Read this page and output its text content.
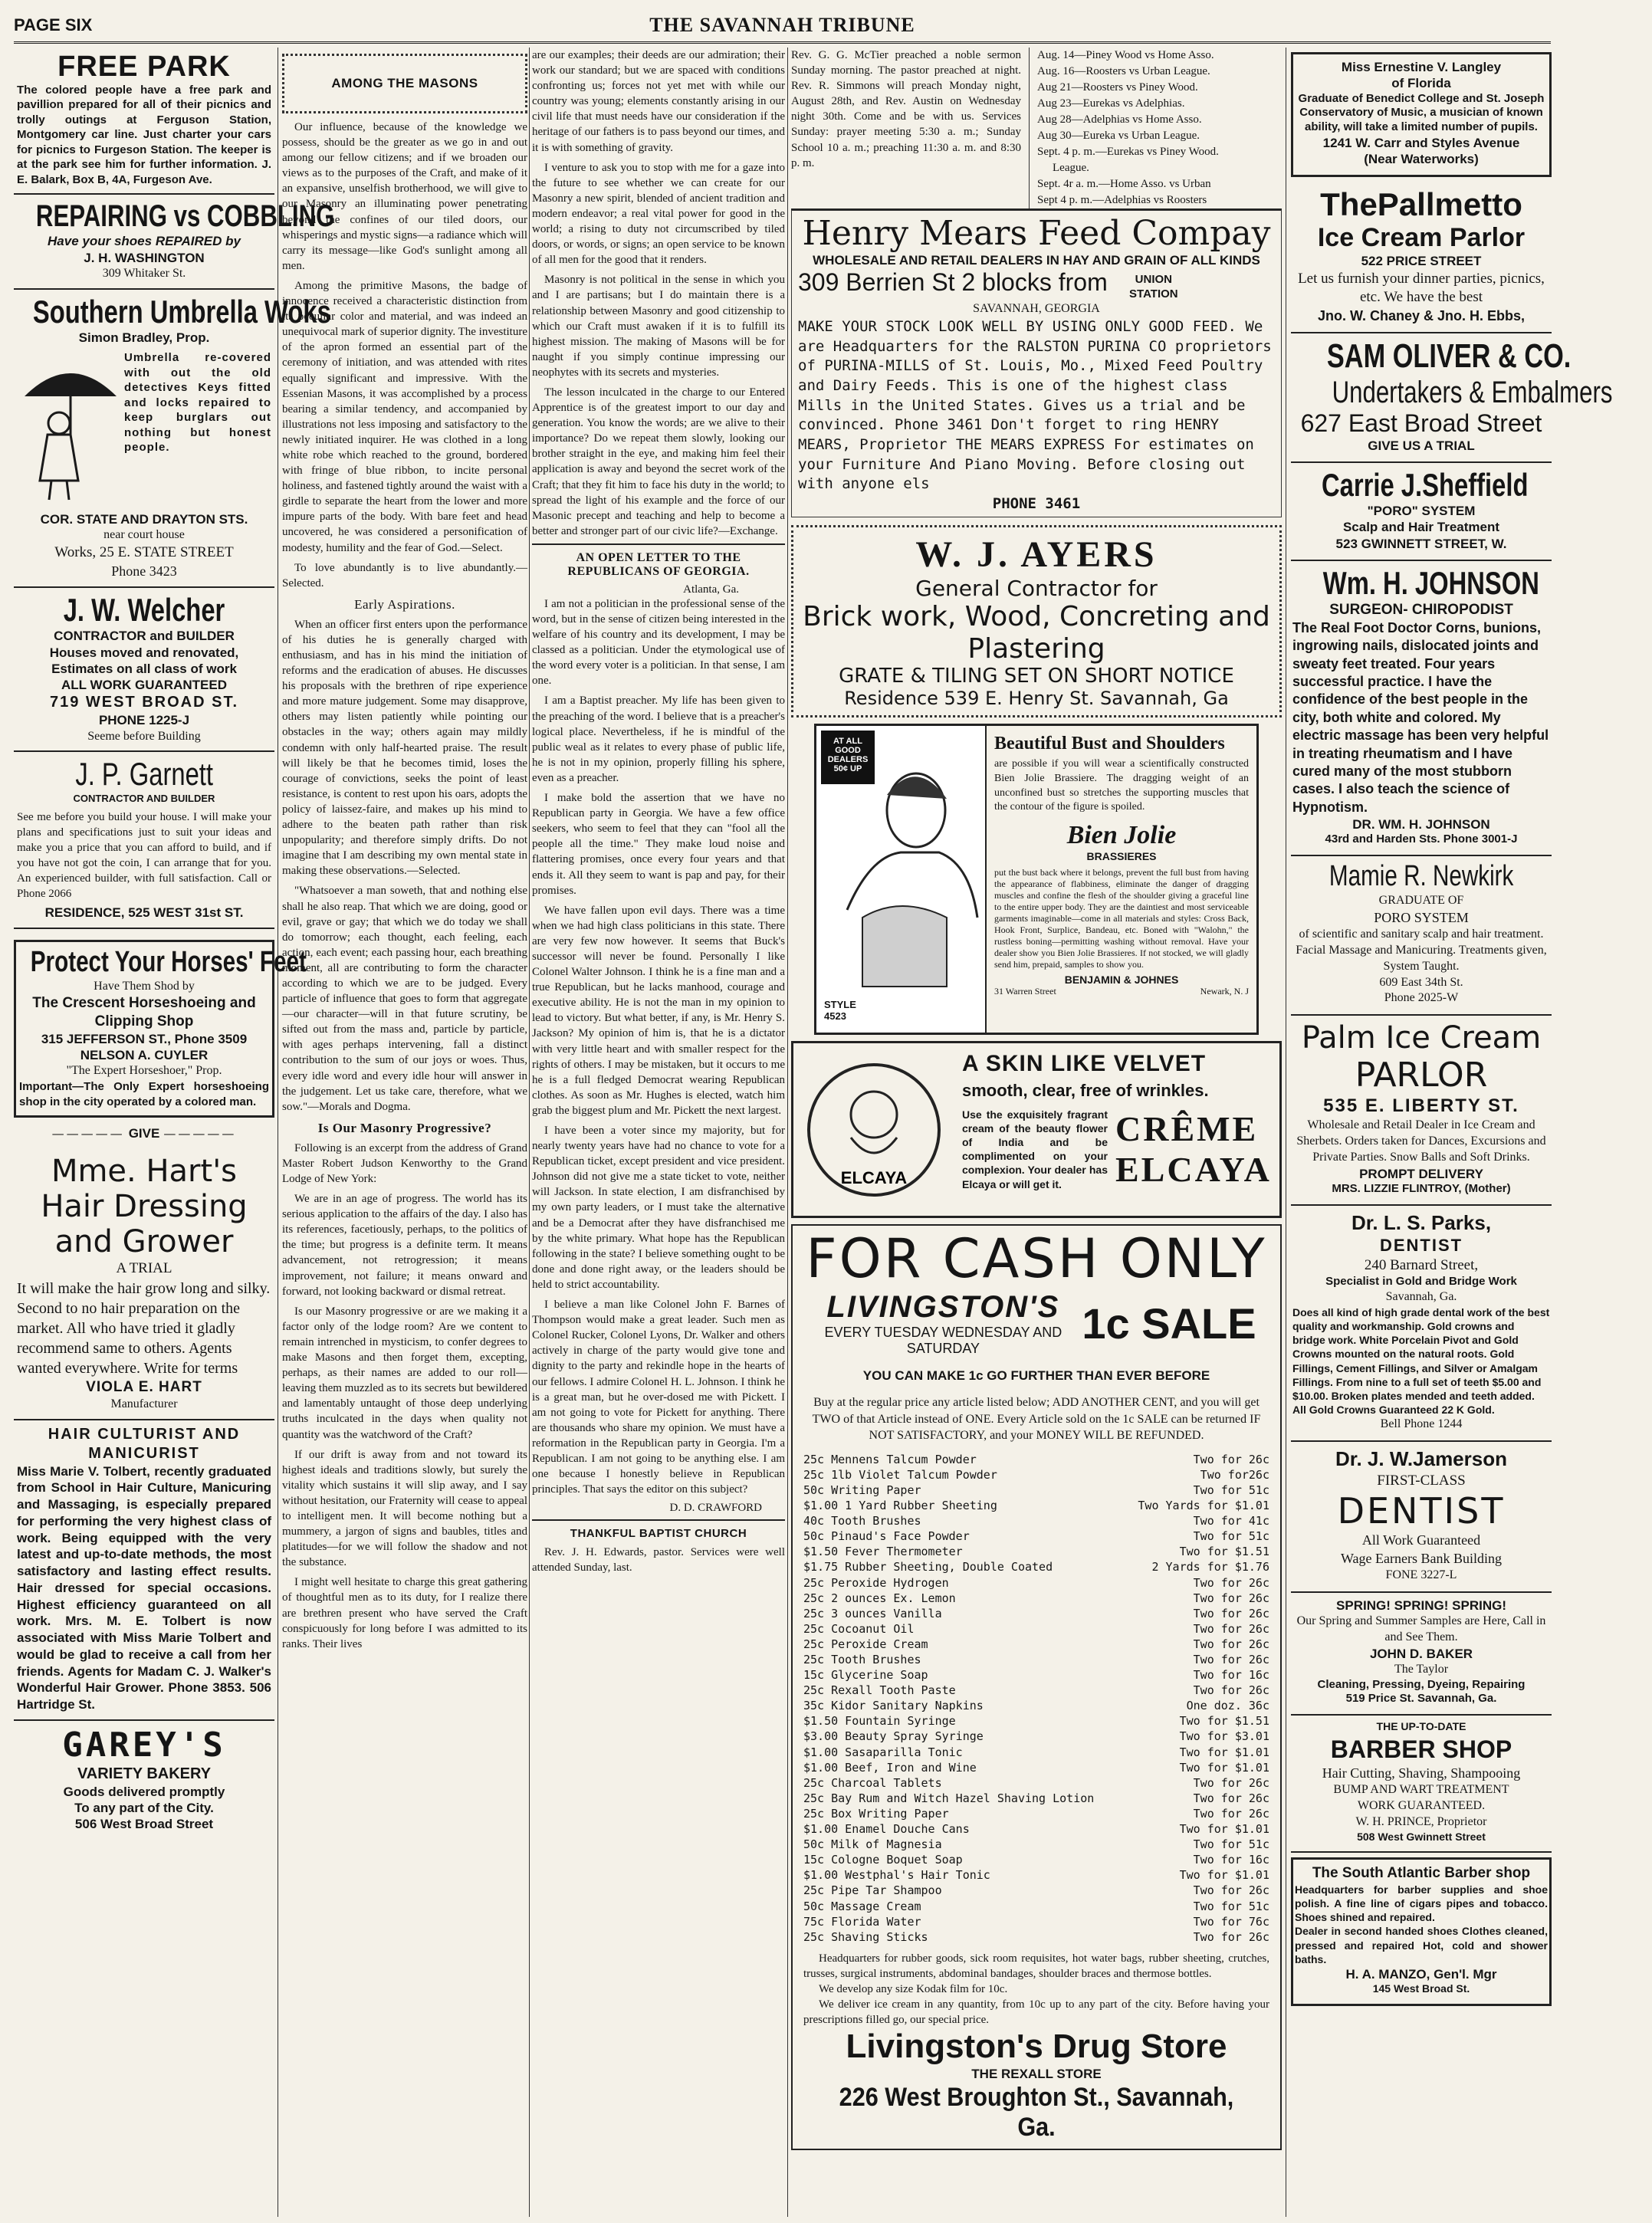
PAGE SIX	THE SAVANNAH TRIBUNE
FREE PARK
The colored people have a free park and pavillion prepared for all of their picnics and trolly outings at Ferguson Station, Montgomery car line. Just charter your cars for picnics to Furgeson Station. The keeper is at the park see him for further information. J. E. Balark, Box B, 4A, Furgeson Ave.
REPAIRING vs COBBLING
Have your shoes REPAIRED by
J. H. WASHINGTON
309 Whitaker St.
Southern Umbrella Woks
Simon Bradley, Prop.
Umbrella re-covered with out the old detectives Keys fitted and locks repaired to keep burglars out nothing but honest people.
COR. STATE AND DRAYTON STS.
near court house
Works, 25 E. STATE STREET
Phone 3423
J. W. Welcher
CONTRACTOR and BUILDER
Houses moved and renovated,
Estimates on all class of work
ALL WORK GUARANTEED
719 WEST BROAD ST.
PHONE 1225-J
Seeme before Building
J. P. Garnett
CONTRACTOR AND BUILDER
See me before you build your house. I will make your plans and specifications just to suit your ideas and make you a price that you can afford to build, and if you have not got the coin, I can arrange that for you. An experienced builder, with full satisfaction. Call or Phone 2066
RESIDENCE, 525 WEST 31st ST.
Protect Your Horses' Feet
Have Them Shod by
The Crescent Horseshoeing and Clipping Shop
315 JEFFERSON ST., Phone 3509
NELSON A. CUYLER
"The Expert Horseshoer," Prop.
Important—The Only Expert horseshoeing shop in the city operated by a colored man.
————— GIVE —————
Mme. Hart's Hair Dressing and Grower
A TRIAL
It will make the hair grow long and silky. Second to no hair preparation on the market. All who have tried it gladly recommend same to others. Agents wanted everywhere. Write for terms
VIOLA E. HART
Manufacturer
HAIR CULTURIST AND MANICURIST
Miss Marie V. Tolbert, recently graduated from School in Hair Culture, Manicuring and Massaging, is especially prepared for performing the very highest class of work. Being equipped with the very latest and up-to-date methods, the most satisfactory and lasting effect results. Hair dressed for special occasions. Highest efficiency guaranteed on all work. Mrs. M. E. Tolbert is now associated with Miss Marie Tolbert and would be glad to receive a call from her friends. Agents for Madam C. J. Walker's Wonderful Hair Grower. Phone 3853. 506 Hartridge St.
GAREY'S
VARIETY BAKERY
Goods delivered promptly
To any part of the City.
506 West Broad Street
AMONG THE MASONS

Our influence, because of the knowledge we possess, should be the greater as we go in and out among our fellow citizens; and if we broaden our views as to the purposes of the Craft, and make of it an expansive, unselfish brotherhood, we will give to our Masonry an illuminating power penetrating beyond the confines of our tiled doors, our whisperings and mystic signs—a radiance which will carry its message—like God's sunlight among all men.

Among the primitive Masons, the badge of innocence received a characteristic distinction from its peculiar color and material, and was indeed an unequivocal mark of superior dignity. The investiture of the apron formed an essential part of the ceremony of initiation, and was attended with rites equally significant and impressive. With the Essenian Masons, it was accomplished by a process bearing a similar tendency, and accompanied by illustrations not less imposing and satisfactory to the newly initiated inquirer. He was clothed in a long white robe which reached to the ground, bordered with fringe of blue ribbon, to incite personal holiness, and fastened tightly around the waist with a girdle to separate the heart from the lower and more impure parts of the body. With bare feet and head uncovered, he was considered a personification of modesty, humility and the fear of God.—Select.

To love abundantly is to live abundantly.—Selected.

Early Aspirations.

When an officer first enters upon the performance of his duties he is generally charged with enthusiasm, and has in his mind the initiation of reforms and the eradication of abuses. He discusses his proposals with the brethren of ripe experience and more mature judgement. Some may disapprove, others may listen patiently while pointing our obstacles in the way; others again may mildly condemn with only half-hearted praise. The result will likely be that he becomes timid, loses the courage of convictions, seeks the point of least resistance, is content to rest upon his oars, adopts the policy of laissez-faire, and makes up his mind to adhere to the beaten path rather than risk unpopularity; and therefore simply drifts. Do not imagine that I am describing my own mental state in making these observations.—Selected.

"Whatsoever a man soweth, that and nothing else shall he also reap. That which we are doing, good or evil, grave or gay; that which we do today we shall do tomorrow; each thought, each feeling, each action, each event; each passing hour, each breathing moment, all are contributing to form the character according to which we are to be judged. Every particle of influence that goes to form that aggregate—our character—will in that future scrutiny, be sifted out from the mass and, particle by particle, with ages perhaps intervening, fall a distinct contribution to the sum of our joys or woes. Thus, every idle word and every idle hour will answer in the judgement. Let us take care, therefore, what we sow."—Morals and Dogma.

Is Our Masonry Progressive?

Following is an excerpt from the address of Grand Master Robert Judson Kenworthy to the Grand Lodge of New York:

We are in an age of progress. The world has its serious application to the affairs of the day. I also has its references, facetiously, perhaps, to the politics of the time; but progress is a definite term. It means advancement, not retrogression; it means improvement, not failure; it means onward and forward, not looking backward or dismal retreat.

Is our Masonry progressive or are we making it a factor only of the lodge room? Are we content to remain intrenched in mysticism, to confer degrees to make Masons and then forget them, excepting, perhaps, as their names are added to our roll—leaving them muzzled as to its secrets but bewildered and lamentably untaught of those deep underlying truths inculcated in the days when quality not quantity was the watchword of the Craft?

If our drift is away from and not toward its highest ideals and traditions slowly, but surely the vitality which sustains it will slip away, and I say without hesitation, our Fraternity will cease to appeal to intelligent men. It will become nothing but a mummery, a jargon of signs and baubles, titles and platitudes—for we will follow the shadow and not the substance.

I might well hesitate to charge this great gathering of thoughtful men as to its duty, for I realize there are brethren present who have served the Craft conspicuously for long before I was admitted to its ranks. Their lives

are our examples; their deeds are our admiration; their work our standard; but we are spaced with conditions confronting us; forces not yet met with while our country was young; elements constantly arising in our civil life that must needs have our consideration if the heritage of our fathers is to pass beyond our times, and it is with something of gravity.

I venture to ask you to stop with me for a gaze into the future to see whether we can create for our Masonry a new spirit, blended of ancient tradition and modern endeavor; a real vital power for good in the world; a rising to duty not circumscribed by tiled doors, or words, or signs; an open service to be known of all men for the good that it renders.

Masonry is not political in the sense in which you and I are partisans; but I do maintain there is a relationship between Masonry and good citizenship to which our Craft must awaken if it is to fulfill its highest mission. The making of Masons will be for naught if you simply continue impressing our neophytes with its secrets and mysteries.

The lesson inculcated in the charge to our Entered Apprentice is of the greatest import to our day and generation. You know the words; are we alive to their importance? Do we repeat them slowly, looking our brother straight in the eye, and making him feel their application is away and beyond the secret work of the Craft; that they fit him to face his duty in the world; to spread the light of his example and the force of our Masonic precept and teaching and help to become a better and stronger part of our civic life?—Exchange.

AN OPEN LETTER TO THE REPUBLICANS OF GEORGIA.
Atlanta, Ga.

I am not a politician in the professional sense of the word, but in the sense of citizen being interested in the welfare of his country and its development, I may be classed as a politician. Under the etymological use of the word every voter is a politician. In that sense, I am one.

I am a Baptist preacher. My life has been given to the preaching of the word. I believe that is a preacher's logical place. Nevertheless, if he is mindful of the public weal as it relates to every phase of public life, he is not in my opinion, properly filling his sphere, even as a preacher.

I make bold the assertion that we have no Republican party in Georgia. We have a few office seekers, who seem to feel that they can "fool all the people all the time." They make loud noise and flattering promises, once every four years and that ends it. All they seem to want is pap and pay, for their promises.

We have fallen upon evil days. There was a time when we had high class politicians in this state. There are very few now however. It seems that Buck's successor will never be found. Personally I like Colonel Walter Johnson. I think he is a fine man and a true Republican, but he lacks manhood, courage and executive ability. He is not the man in my opinion to lead to victory. But what better, if any, is Mr. Henry S. Jackson? My opinion of him is, that he is a dictator with very little heart and with smaller respect for the rights of others. I may be mistaken, but it occurs to me he is a full fledged Democrat wearing Republican clothes. As soon as Mr. Hughes is elected, watch him grab the biggest plum and Mr. Pickett the next largest.

I have been a voter since my majority, but for nearly twenty years have had no chance to vote for a Republican ticket, except president and vice president. Johnson did not give me a state ticket to vote, neither will Jackson. In state election, I am disfranchised by my own party leaders, or I must take the alternative and be a Democrat after they have disfranchised me by the white primary. What hope has the Republican following in the state? I believe something ought to be done and done right away, or the leaders should be held to strict accountability.

I believe a man like Colonel John F. Barnes of Thompson would make a great leader. Such men as Colonel Rucker, Colonel Lyons, Dr. Walker and others actively in charge of the party would give tone and dignity to the party and rekindle hope in the hearts of our fellows. I admire Colonel H. L. Johnson. I think he is a great man, but he over-dosed me with Pickett. I am not going to vote for Pickett for anything. There are thousands who share my opinion. We must have a reformation in the Republican party in Georgia. I'm a Republican. I am not going to be anything else. I am one because I honestly believe in Republican principles. That says the editor on this subject?

D. D. CRAWFORD
THANKFUL BAPTIST CHURCH

Rev. J. H. Edwards, pastor. Services were well attended Sunday, last.

Rev. G. G. McTier preached a noble sermon Sunday morning. The pastor preached at night. Rev. R. Simmons will preach Monday night, August 28th, and Rev. Austin on Wednesday night 30th. Come and be with us. Services Sunday: prayer meeting 5:30 a. m.; Sunday School 10 a. m.; preaching 11:30 a. m. and 8:30 p. m.
Aug. 14—Piney Wood vs Home Asso.
Aug. 16—Roosters vs Urban League.
Aug 21—Roosters vs Piney Wood.
Aug 23—Eurekas vs Adelphias.
Aug 28—Adelphias vs Home Asso.
Aug 30—Eureka vs Urban League.
Sept. 4 p. m.—Eurekas vs Piney Wood.
League.
Sept. 4r a. m.—Home Asso. vs Urban
Sept 4 p. m.—Adelphias vs Roosters
Henry Mears Feed Compay
WHOLESALE AND RETAIL DEALERS IN HAY AND GRAIN OF ALL KINDS
309 Berrien St 2 blocks from UNION STATION
SAVANNAH, GEORGIA
MAKE YOUR STOCK LOOK WELL BY USING ONLY GOOD FEED. We are Headquarters for the RALSTON PURINA CO proprietors of PURINA-MILLS of St. Louis, Mo., Mixed Feed Poultry and Dairy Feeds. This is one of the highest class Mills in the United States. Gives us a trial and be convinced. Phone 3461 Don't forget to ring HENRY MEARS, Proprietor THE MEARS EXPRESS For estimates on your Furniture And Piano Moving. Before closing out with anyone els
PHONE 3461
W. J. AYERS
General Contractor for
Brick work, Wood, Concreting and Plastering
GRATE & TILING SET ON SHORT NOTICE
Residence 539 E. Henry St. Savannah, Ga
AT ALL GOOD DEALERS 50¢ UP
STYLE 4523
Beautiful Bust and Shoulders
are possible if you will wear a scientifically constructed Bien Jolie Brassiere. The dragging weight of an unconfined bust so stretches the supporting muscles that the contour of the figure is spoiled.
Bien Jolie
BRASSIERES
put the bust back where it belongs, prevent the full bust from having the appearance of flabbiness, eliminate the danger of dragging muscles and confine the flesh of the shoulder giving a graceful line to the entire upper body. They are the daintiest and most serviceable garments imaginable—come in all materials and styles: Cross Back, Hook Front, Surplice, Bandeau, etc. Boned with "Walohn," the rustless boning—permitting washing without removal. Have your dealer show you Bien Jolie Brassieres. If not stocked, we will gladly send him, prepaid, samples to show you.
BENJAMIN & JOHNES
31 Warren Street	Newark, N. J
ELCAYA
A SKIN LIKE VELVET
smooth, clear, free of wrinkles.
Use the exquisitely fragrant cream of the beauty flower of India and be complimented on your complexion. Your dealer has Elcaya or will get it.
CRÊME
ELCAYA
FOR CASH ONLY
LIVINGSTON'S
EVERY TUESDAY WEDNESDAY AND SATURDAY
1c SALE
YOU CAN MAKE 1c GO FURTHER THAN EVER BEFORE
Buy at the regular price any article listed below; ADD ANOTHER CENT, and you will get TWO of that Article instead of ONE. Every Article sold on the 1c SALE can be returned IF NOT SATISFACTORY, and your MONEY WILL BE REFUNDED.
25c Mennens Talcum Powder	Two for 26c
25c 1lb Violet Talcum Powder	Two for26c
50c Writing Paper	Two for 51c
$1.00 1 Yard Rubber Sheeting	Two Yards for $1.01
40c Tooth Brushes	Two for 41c
50c Pinaud's Face Powder	Two for 51c
$1.50 Fever Thermometer	Two for $1.51
$1.75 Rubber Sheeting, Double Coated	2 Yards for $1.76
25c Peroxide Hydrogen	Two for 26c
25c 2 ounces Ex. Lemon	Two for 26c
25c 3 ounces Vanilla	Two for 26c
25c Cocoanut Oil	Two for 26c
25c Peroxide Cream	Two for 26c
25c Tooth Brushes	Two for 26c
15c Glycerine Soap	Two for 16c
25c Rexall Tooth Paste	Two for 26c
35c Kidor Sanitary Napkins	One doz. 36c
$1.50 Fountain Syringe	Two for $1.51
$3.00 Beauty Spray Syringe	Two for $3.01
$1.00 Sasaparilla Tonic	Two for $1.01
$1.00 Beef, Iron and Wine	Two for $1.01
25c Charcoal Tablets	Two for 26c
25c Bay Rum and Witch Hazel Shaving Lotion	Two for 26c
25c Box Writing Paper	Two for 26c
$1.00 Enamel Douche Cans	Two for $1.01
50c Milk of Magnesia	Two for 51c
15c Cologne Boquet Soap	Two for 16c
$1.00 Westphal's Hair Tonic	Two for $1.01
25c Pipe Tar Shampoo	Two for 26c
50c Massage Cream	Two for 51c
75c Florida Water	Two for 76c
25c Shaving Sticks	Two for 26c
Headquarters for rubber goods, sick room requisites, hot water bags, rubber sheeting, crutches, trusses, surgical instruments, abdominal bandages, shoulder braces and thermose bottles.
We develop any size Kodak film for 10c.
We deliver ice cream in any quantity, from 10c up to any part of the city. Before having your prescriptions filled go, our special price.
Livingston's Drug Store
THE REXALL STORE
226 West Broughton St., Savannah, Ga.
Miss Ernestine V. Langley
of Florida
Graduate of Benedict College and St. Joseph Conservatory of Music, a musician of known ability, will take a limited number of pupils.
1241 W. Carr and Styles Avenue
(Near Waterworks)
ThePallmetto
Ice Cream Parlor
522 PRICE STREET
Let us furnish your dinner parties, picnics, etc. We have the best
Jno. W. Chaney & Jno. H. Ebbs,
SAM OLIVER & CO. Undertakers & Embalmers
627 East Broad Street
GIVE US A TRIAL
Carrie J.Sheffield
"PORO" SYSTEM
Scalp and Hair Treatment
523 GWINNETT STREET, W.
Wm. H. JOHNSON
SURGEON- CHIROPODIST
The Real Foot Doctor Corns, bunions, ingrowing nails, dislocated joints and sweaty feet treated. Four years successful practice. I have the confidence of the best people in the city, both white and colored. My electric massage has been very helpful in treating rheumatism and I have cured many of the most stubborn cases. I also teach the science of Hypnotism.
DR. WM. H. JOHNSON
43rd and Harden Sts. Phone 3001-J
Mamie R. Newkirk
GRADUATE OF
PORO SYSTEM
of scientific and sanitary scalp and hair treatment. Facial Massage and Manicuring. Treatments given, System Taught.
609 East 34th St.
Phone 2025-W
Palm Ice Cream
PARLOR
535 E. LIBERTY ST.
Wholesale and Retail Dealer in Ice Cream and Sherbets. Orders taken for Dances, Excursions and Private Parties. Snow Balls and Soft Drinks.
PROMPT DELIVERY
MRS. LIZZIE FLINTROY, (Mother)
Dr. L. S. Parks,
DENTIST
240 Barnard Street,
Specialist in Gold and Bridge Work
Savannah, Ga.
Does all kind of high grade dental work of the best quality and workmanship. Gold crowns and bridge work. White Porcelain Pivot and Gold Crowns mounted on the natural roots. Gold Fillings, Cement Fillings, and Silver or Amalgam Fillings. From nine to a full set of teeth $5.00 and $10.00. Broken plates mended and teeth added. All Gold Crowns Guaranteed 22 K Gold.
Bell Phone 1244
Dr. J. W.Jamerson
FIRST-CLASS
DENTIST
All Work Guaranteed
Wage Earners Bank Building
FONE 3227-L
SPRING! SPRING! SPRING!
Our Spring and Summer Samples are Here, Call in and See Them.
JOHN D. BAKER
The Taylor
Cleaning, Pressing, Dyeing, Repairing
519 Price St. Savannah, Ga.
THE UP-TO-DATE
BARBER SHOP
Hair Cutting, Shaving, Shampooing
BUMP AND WART TREATMENT
WORK GUARANTEED.
W. H. PRINCE, Proprietor
508 West Gwinnett Street
The South Atlantic Barber shop
Headquarters for barber supplies and shoe polish. A fine line of cigars pipes and tobacco. Shoes shined and repaired.
Dealer in second handed shoes Clothes cleaned, pressed and repaired Hot, cold and shower baths.
H. A. MANZO, Gen'l. Mgr
145 West Broad St.
